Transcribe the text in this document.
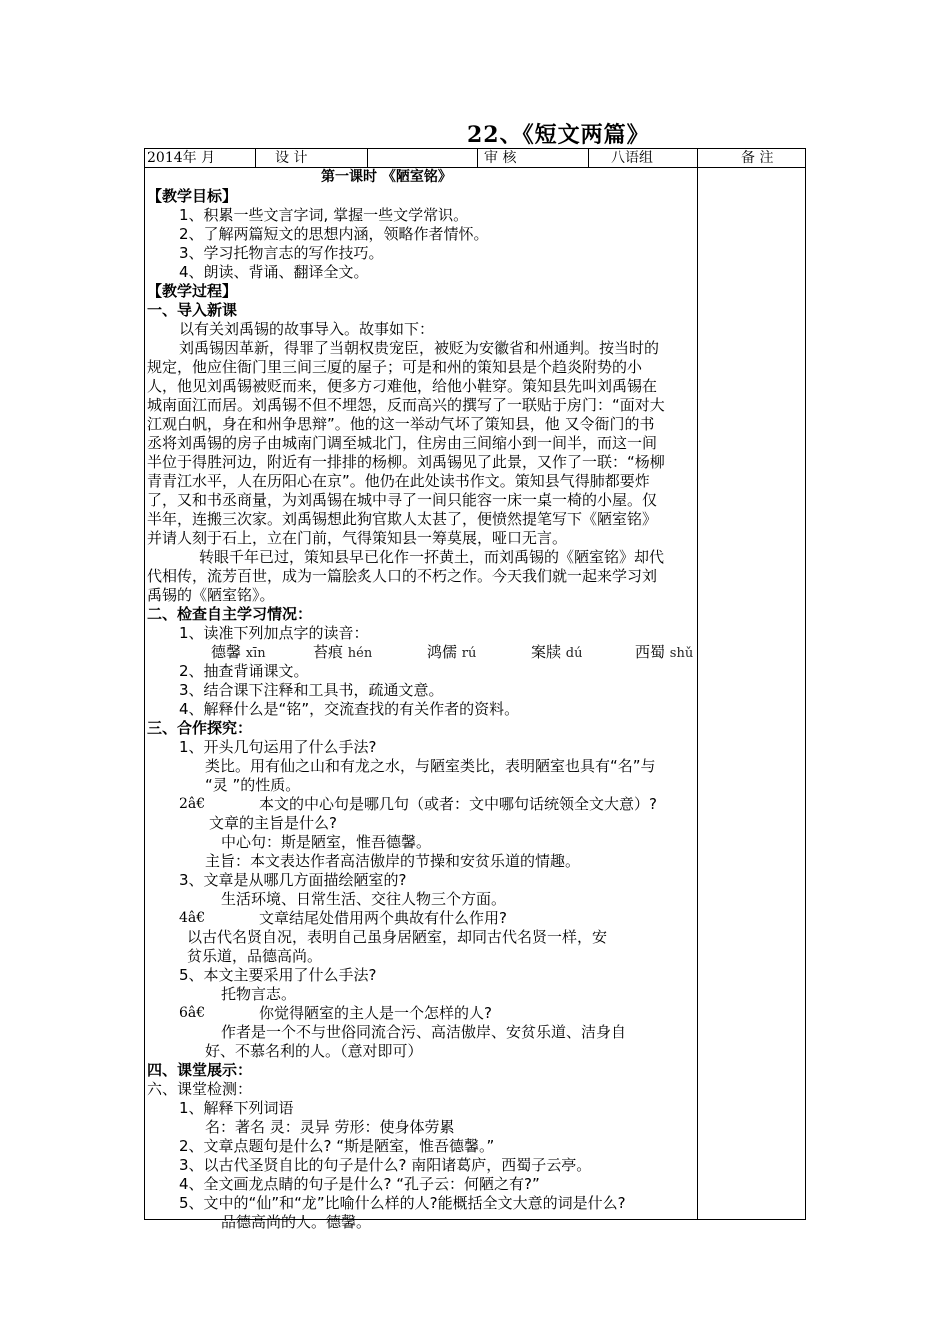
22、《短文两篇》
2014年 月	设 计	审 核	八语组	备 注
第一课时 《陋室铭》
【教学目标】
1、积累一些文言字词, 掌握一些文学常识。
2、了解两篇短文的思想内涵，领略作者情怀。
3、学习托物言志的写作技巧。
4、朗读、背诵、翻译全文。
【教学过程】
一、导入新课
以有关刘禹锡的故事导入。故事如下：
刘禹锡因革新，得罪了当朝权贵宠臣，被贬为安徽省和州通判。按当时的
规定，他应住衙门里三间三厦的屋子；可是和州的策知县是个趋炎附势的小
人，他见刘禹锡被贬而来，便多方刁难他，给他小鞋穿。策知县先叫刘禹锡在
城南面江而居。刘禹锡不但不埋怨，反而高兴的撰写了一联贴于房门：“面对大
江观白帆，身在和州争思辩”。他的这一举动气坏了策知县，他 又令衙门的书
丞将刘禹锡的房子由城南门调至城北门，住房由三间缩小到一间半，而这一间
半位于得胜河边，附近有一排排的杨柳。刘禹锡见了此景，又作了一联：“杨柳
青青江水平，人在历阳心在京”。他仍在此处读书作文。策知县气得肺都要炸
了，又和书丞商量，为刘禹锡在城中寻了一间只能容一床一桌一椅的小屋。仅
半年，连搬三次家。刘禹锡想此狗官欺人太甚了，便愤然提笔写下《陋室铭》
并请人刻于石上，立在门前，气得策知县一筹莫展，哑口无言。
转眼千年已过，策知县早已化作一抔黄土，而刘禹锡的《陋室铭》却代
代相传，流芳百世，成为一篇脍炙人口的不朽之作。今天我们就一起来学习刘
禹锡的《陋室铭》。
二、检查自主学习情况：
1、读准下列加点字的读音：
德馨 xīn	苔痕 hén	鸿儒 rú	案牍 dú	西蜀 shǔ
2、抽查背诵课文。
3、结合课下注释和工具书，疏通文意。
4、解释什么是“铭”，交流查找的有关作者的资料。
三、合作探究：
1、开头几句运用了什么手法?
类比。用有仙之山和有龙之水，与陋室类比，表明陋室也具有“名”与
“灵 ”的性质。
2â€	本文的中心句是哪几句（或者：文中哪句话统领全文大意）?
文章的主旨是什么?
中心句：斯是陋室，惟吾德馨。
主旨：本文表达作者高洁傲岸的节操和安贫乐道的情趣。
3、文章是从哪几方面描绘陋室的?
生活环境、日常生活、交往人物三个方面。
4â€	文章结尾处借用两个典故有什么作用?
以古代名贤自况，表明自己虽身居陋室，却同古代名贤一样，安
贫乐道，品德高尚。
5、本文主要采用了什么手法?
托物言志。
6â€	你觉得陋室的主人是一个怎样的人?
作者是一个不与世俗同流合污、高洁傲岸、安贫乐道、洁身自
好、不慕名利的人。（意对即可）
四、课堂展示：
六、课堂检测：
1、解释下列词语
名：著名 灵：灵异 劳形：使身体劳累
2、文章点题句是什么? “斯是陋室，惟吾德馨。”
3、以古代圣贤自比的句子是什么? 南阳诸葛庐，西蜀子云亭。
4、全文画龙点睛的句子是什么? “孔子云：何陋之有?”
5、文中的“仙”和“龙”比喻什么样的人?能概括全文大意的词是什么?
品德高尚的人。德馨。
